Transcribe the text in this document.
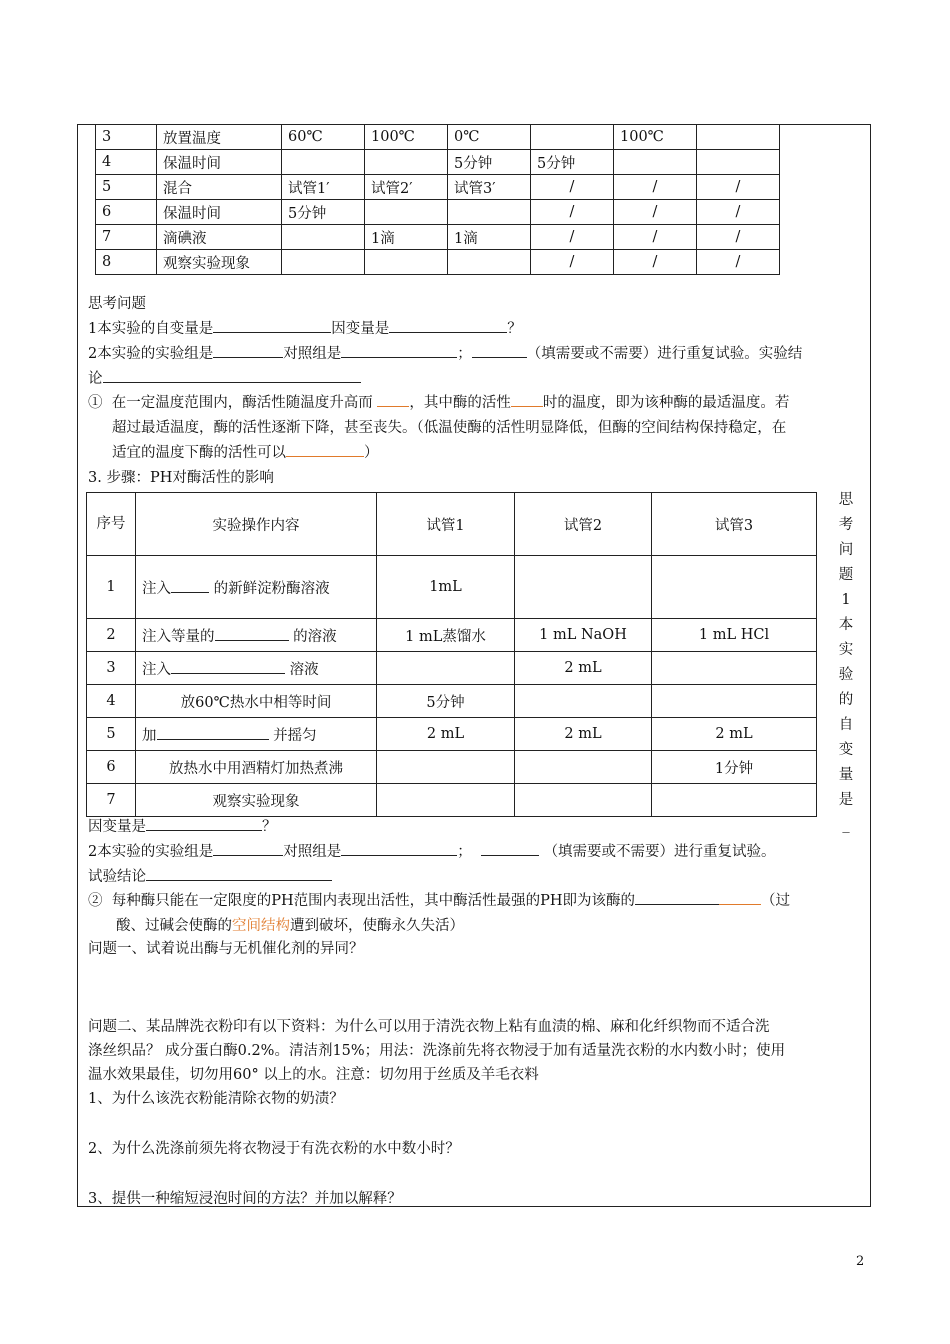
3	放置温度	60℃	100℃	0℃		100℃	
4	保温时间			5分钟	5分钟		
5	混合	试管1′	试管2′	试管3′	/	/	/
6	保温时间	5分钟			/	/	/
7	滴碘液		1滴	1滴	/	/	/
8	观察实验现象				/	/	/
思考问题
1本实验的自变量是	因变量是	？
2本实验的实验组是	对照组是	；	（填需要或不需要）进行重复试验。实验结
论
① 在一定温度范围内，酶活性随温度升高而	，其中酶的活性 时的温度，即为该种酶的最适温度。若
超过最适温度，酶的活性逐渐下降，甚至丧失。（低温使酶的活性明显降低，但酶的空间结构保持稳定，在
适宜的温度下酶的活性可以	）
3. 步骤：PH对酶活性的影响
序号	实验操作内容	试管1	试管2	试管3
1	注入 的新鲜淀粉酶溶液	1mL		
2	注入等量的 的溶液	1 mL蒸馏水	1 mL NaOH	1 mL HCl
3	注入 溶液		2 mL	
4	放60℃热水中相等时间	5分钟		
5	加 并摇匀	2 mL	2 mL	2 mL
6	放热水中用酒精灯加热煮沸			1分钟
7	观察实验现象			
思
考
问
题
1
本
实
验
的
自
变
量
是_
因变量是	？
2本实验的实验组是	对照组是	；	（填需要或不需要）进行重复试验。
试验结论
② 每种酶只能在一定限度的PH范围内表现出活性，其中酶活性最强的PH即为该酶的	（过
酸、过碱会使酶的空间结构遭到破坏，使酶永久失活）
问题一、试着说出酶与无机催化剂的异同？
问题二、某品牌洗衣粉印有以下资料：为什么可以用于清洗衣物上粘有血渍的棉、麻和化纤织物而不适合洗
涤丝织品？ 成分蛋白酶0.2%。清洁剂15%；用法：洗涤前先将衣物浸于加有适量洗衣粉的水内数小时；使用
温水效果最佳，切勿用60° 以上的水。注意：切勿用于丝质及羊毛衣料
1、为什么该洗衣粉能清除衣物的奶渍？
2、为什么洗涤前须先将衣物浸于有洗衣粉的水中数小时？
3、提供一种缩短浸泡时间的方法？并加以解释？
2
